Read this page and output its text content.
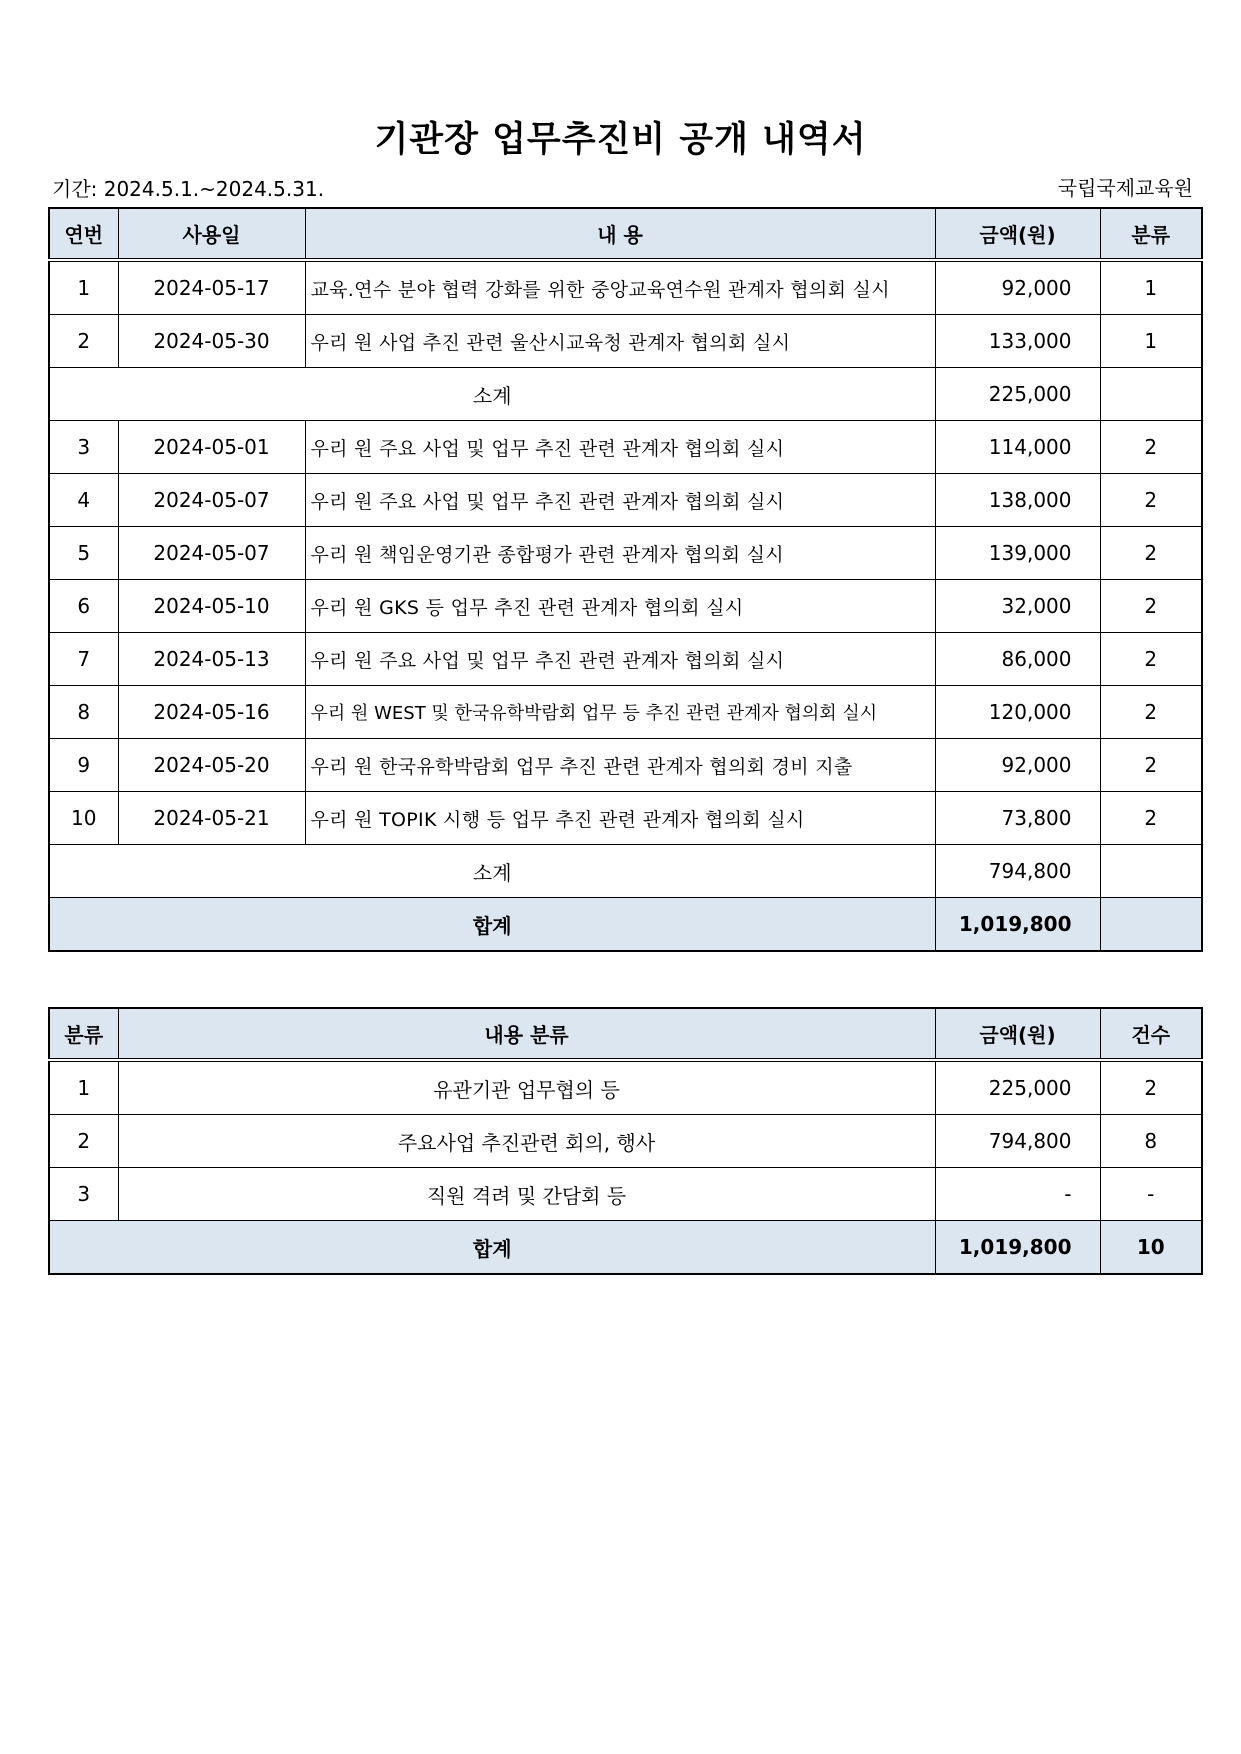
기관장 업무추진비 공개 내역서
기간: 2024.5.1.~2024.5.31.	국립국제교육원
연번	사용일	내 용	금액(원)	분류
1	2024-05-17	교육.연수 분야 협력 강화를 위한 중앙교육연수원 관계자 협의회 실시	92,000	1
2	2024-05-30	우리 원 사업 추진 관련 울산시교육청 관계자 협의회 실시	133,000	1
소계			225,000	
3	2024-05-01	우리 원 주요 사업 및 업무 추진 관련 관계자 협의회 실시	114,000	2
4	2024-05-07	우리 원 주요 사업 및 업무 추진 관련 관계자 협의회 실시	138,000	2
5	2024-05-07	우리 원 책임운영기관 종합평가 관련 관계자 협의회 실시	139,000	2
6	2024-05-10	우리 원 GKS 등 업무 추진 관련 관계자 협의회 실시	32,000	2
7	2024-05-13	우리 원 주요 사업 및 업무 추진 관련 관계자 협의회 실시	86,000	2
8	2024-05-16	우리 원 WEST 및 한국유학박람회 업무 등 추진 관련 관계자 협의회 실시	120,000	2
9	2024-05-20	우리 원 한국유학박람회 업무 추진 관련 관계자 협의회 경비 지출	92,000	2
10	2024-05-21	우리 원 TOPIK 시행 등 업무 추진 관련 관계자 협의회 실시	73,800	2
소계			794,800	
합계			1,019,800	
분류	내용 분류	금액(원)	건수
1	유관기관 업무협의 등	225,000	2
2	주요사업 추진관련 회의, 행사	794,800	8
3	직원 격려 및 간담회 등	-	-
합계		1,019,800	10
